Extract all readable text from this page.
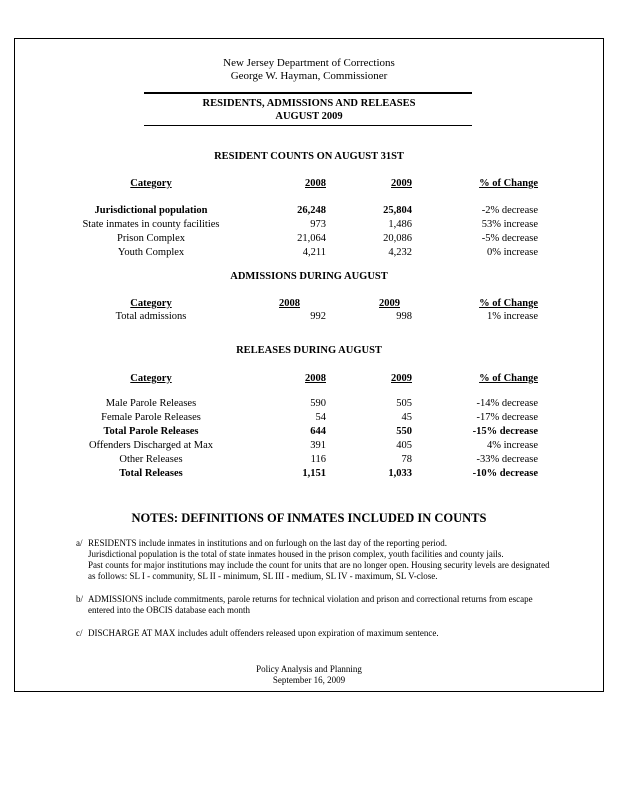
New Jersey Department of Corrections
George W. Hayman, Commissioner
RESIDENTS, ADMISSIONS AND RELEASES
AUGUST 2009
RESIDENT COUNTS ON AUGUST 31ST
Category	2008	2009	% of Change
Jurisdictional population	26,248	25,804	-2% decrease
State inmates in county facilities	973	1,486	53% increase
Prison Complex	21,064	20,086	-5% decrease
Youth Complex	4,211	4,232	0% increase
ADMISSIONS DURING AUGUST
Category	2008	2009	% of Change
Total admissions	992	998	1% increase
RELEASES DURING AUGUST
Category	2008	2009	% of Change
Male Parole Releases	590	505	-14% decrease
Female Parole Releases	54	45	-17% decrease
Total Parole Releases	644	550	-15% decrease
Offenders Discharged at Max	391	405	4% increase
Other Releases	116	78	-33% decrease
Total Releases	1,151	1,033	-10% decrease
NOTES: DEFINITIONS OF INMATES INCLUDED IN COUNTS
a/ RESIDENTS include inmates in institutions and on furlough on the last day of the reporting period.
Jurisdictional population is the total of state inmates housed in the prison complex, youth facilities and county jails.
Past counts for major institutions may include the count for units that are no longer open. Housing security levels are designated
as follows: SL I - community, SL II - minimum, SL III - medium, SL IV - maximum, SL V-close.
b/ ADMISSIONS include commitments, parole returns for technical violation and prison and correctional returns from escape
entered into the OBCIS database each month
c/ DISCHARGE AT MAX includes adult offenders released upon expiration of maximum sentence.
Policy Analysis and Planning
September 16, 2009
